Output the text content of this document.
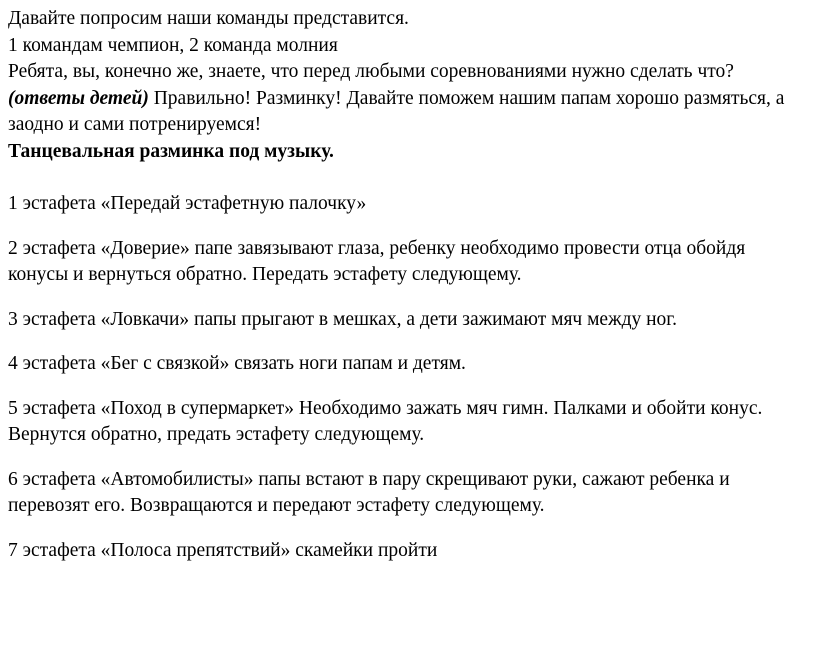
Давайте попросим наши команды представится.
1 командам чемпион, 2 команда молния
Ребята, вы, конечно же, знаете, что перед любыми соревнованиями нужно сделать что? (ответы детей) Правильно! Разминку! Давайте поможем нашим папам хорошо размяться, а заодно и сами потренируемся!
Танцевальная разминка под музыку.

1 эстафета «Передай эстафетную палочку»

2 эстафета «Доверие» папе завязывают глаза, ребенку необходимо провести отца обойдя конусы и вернуться обратно. Передать эстафету следующему.

3 эстафета «Ловкачи» папы прыгают в мешках, а дети зажимают мяч между ног.

4 эстафета «Бег с связкой» связать ноги папам и детям.

5 эстафета «Поход в супермаркет» Необходимо зажать мяч гимн. Палками и обойти конус. Вернутся обратно, предать эстафету следующему.

6 эстафета «Автомобилисты» папы встают в пару скрещивают руки, сажают ребенка и перевозят его. Возвращаются и передают эстафету следующему.

7 эстафета «Полоса препятствий» скамейки пройти
